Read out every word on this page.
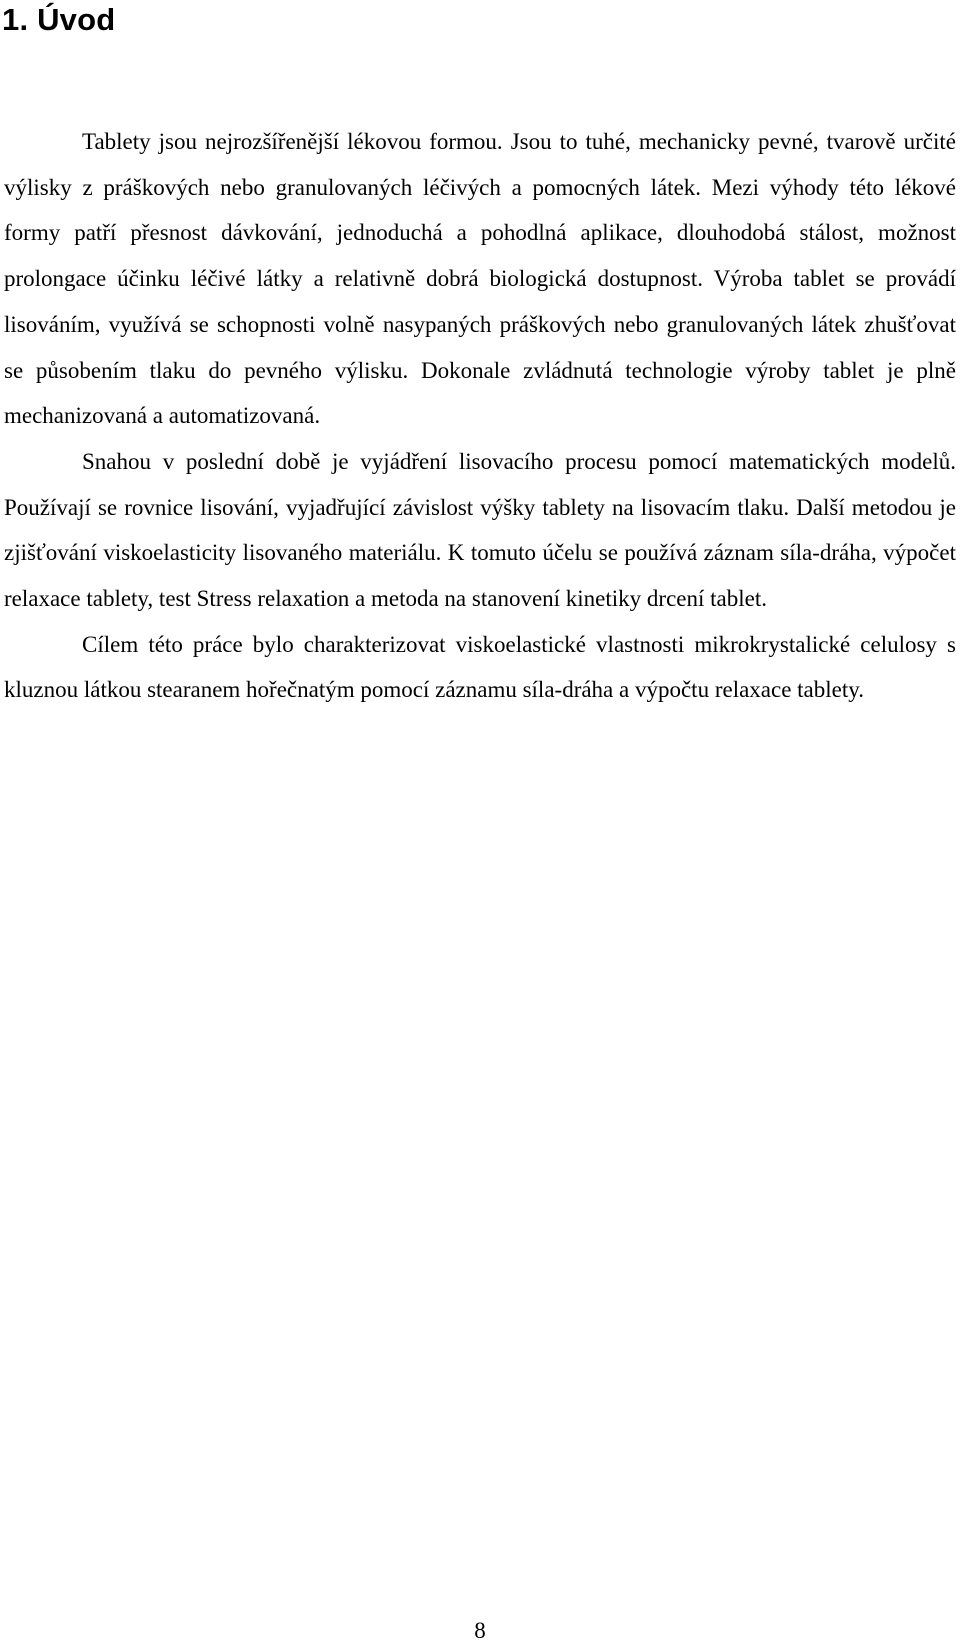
1. Úvod

Tablety jsou nejrozšířenější lékovou formou. Jsou to tuhé, mechanicky pevné, tvarově určité výlisky z práškových nebo granulovaných léčivých a pomocných látek. Mezi výhody této lékové formy patří přesnost dávkování, jednoduchá a pohodlná aplikace, dlouhodobá stálost, možnost prolongace účinku léčivé látky a relativně dobrá biologická dostupnost. Výroba tablet se provádí lisováním, využívá se schopnosti volně nasypaných práškových nebo granulovaných látek zhušťovat se působením tlaku do pevného výlisku. Dokonale zvládnutá technologie výroby tablet je plně mechanizovaná a automatizovaná.

Snahou v poslední době je vyjádření lisovacího procesu pomocí matematických modelů. Používají se rovnice lisování, vyjadřující závislost výšky tablety na lisovacím tlaku. Další metodou je zjišťování viskoelasticity lisovaného materiálu. K tomuto účelu se používá záznam síla-dráha, výpočet relaxace tablety, test Stress relaxation a metoda na stanovení kinetiky drcení tablet.

Cílem této práce bylo charakterizovat viskoelastické vlastnosti mikrokrystalické celulosy s kluznou látkou stearanem hořečnatým pomocí záznamu síla-dráha a výpočtu relaxace tablety.

8
